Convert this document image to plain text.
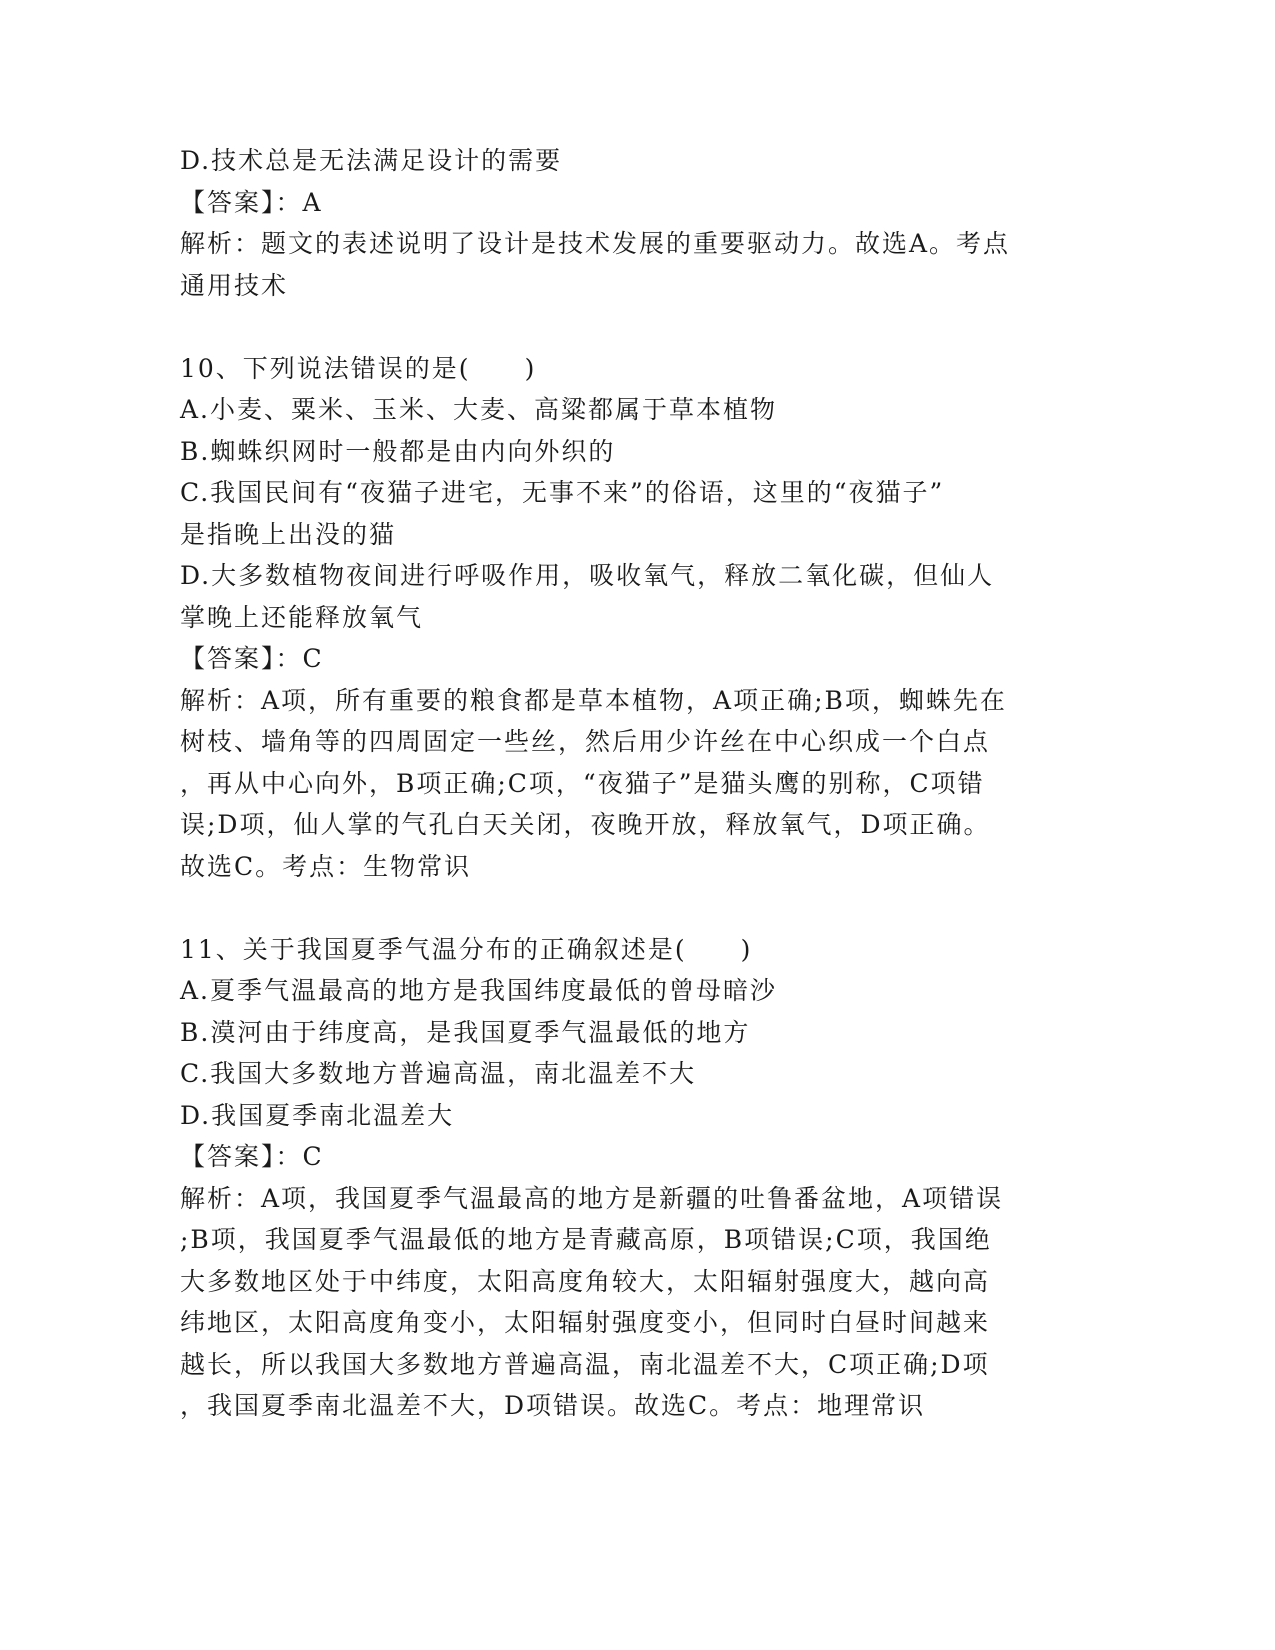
D.技术总是无法满足设计的需要
【答案】：A
解析：题文的表述说明了设计是技术发展的重要驱动力。故选A。考点
通用技术
10、下列说法错误的是(　　)
A.小麦、粟米、玉米、大麦、高粱都属于草本植物
B.蜘蛛织网时一般都是由内向外织的
C.我国民间有“夜猫子进宅，无事不来”的俗语，这里的“夜猫子”
是指晚上出没的猫
D.大多数植物夜间进行呼吸作用，吸收氧气，释放二氧化碳，但仙人
掌晚上还能释放氧气
【答案】：C
解析：A项，所有重要的粮食都是草本植物，A项正确;B项，蜘蛛先在
树枝、墙角等的四周固定一些丝，然后用少许丝在中心织成一个白点
，再从中心向外，B项正确;C项，“夜猫子”是猫头鹰的别称，C项错
误;D项，仙人掌的气孔白天关闭，夜晚开放，释放氧气，D项正确。
故选C。考点：生物常识
11、关于我国夏季气温分布的正确叙述是(　　)
A.夏季气温最高的地方是我国纬度最低的曾母暗沙
B.漠河由于纬度高，是我国夏季气温最低的地方
C.我国大多数地方普遍高温，南北温差不大
D.我国夏季南北温差大
【答案】：C
解析：A项，我国夏季气温最高的地方是新疆的吐鲁番盆地，A项错误
;B项，我国夏季气温最低的地方是青藏高原，B项错误;C项，我国绝
大多数地区处于中纬度，太阳高度角较大，太阳辐射强度大，越向高
纬地区，太阳高度角变小，太阳辐射强度变小，但同时白昼时间越来
越长，所以我国大多数地方普遍高温，南北温差不大，C项正确;D项
，我国夏季南北温差不大，D项错误。故选C。考点：地理常识
